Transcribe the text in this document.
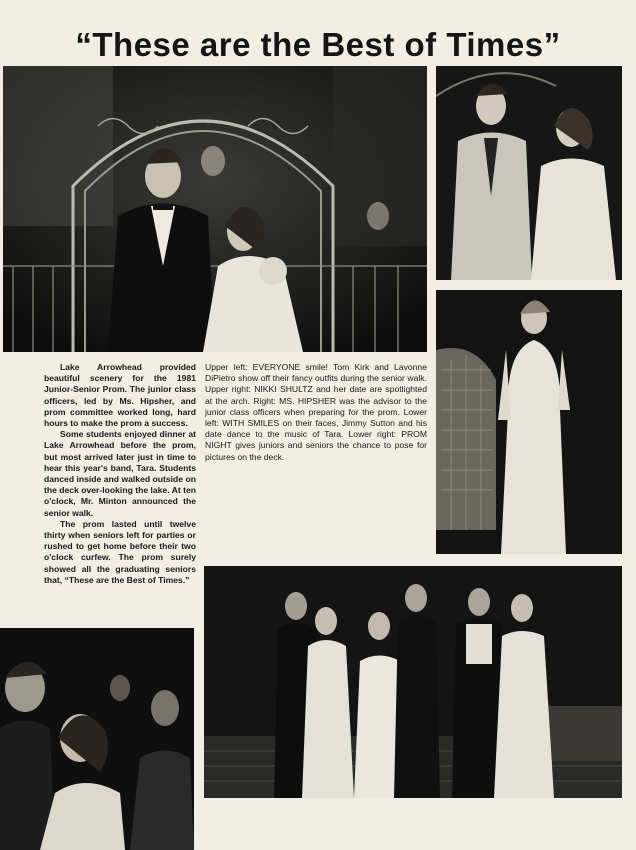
“These are the Best of Times”

Lake Arrowhead provided beautiful scenery for the 1981 Junior-Senior Prom. The junior class officers, led by Ms. Hipsher, and prom committee worked long, hard hours to make the prom a success.

Some students enjoyed dinner at Lake Arrowhead before the prom, but most arrived later just in time to hear this year's band, Tara. Students danced inside and walked outside on the deck over-looking the lake. At ten o'clock, Mr. Minton announced the senior walk.

The prom lasted until twelve thirty when seniors left for parties or rushed to get home before their two o'clock curfew. The prom surely showed all the graduating seniors that, “These are the Best of Times.”

Upper left: EVERYONE smile! Tom Kirk and Lavonne DiPietro show off their fancy outfits during the senior walk. Upper right: NIKKI SHULTZ and her date are spotlighted at the arch. Right: MS. HIPSHER was the advisor to the junior class officers when preparing for the prom. Lower left: WITH SMILES on their faces, Jimmy Sutton and his date dance to the music of Tara. Lower right: PROM NIGHT gives juniors and seniors the chance to pose for pictures on the deck.
